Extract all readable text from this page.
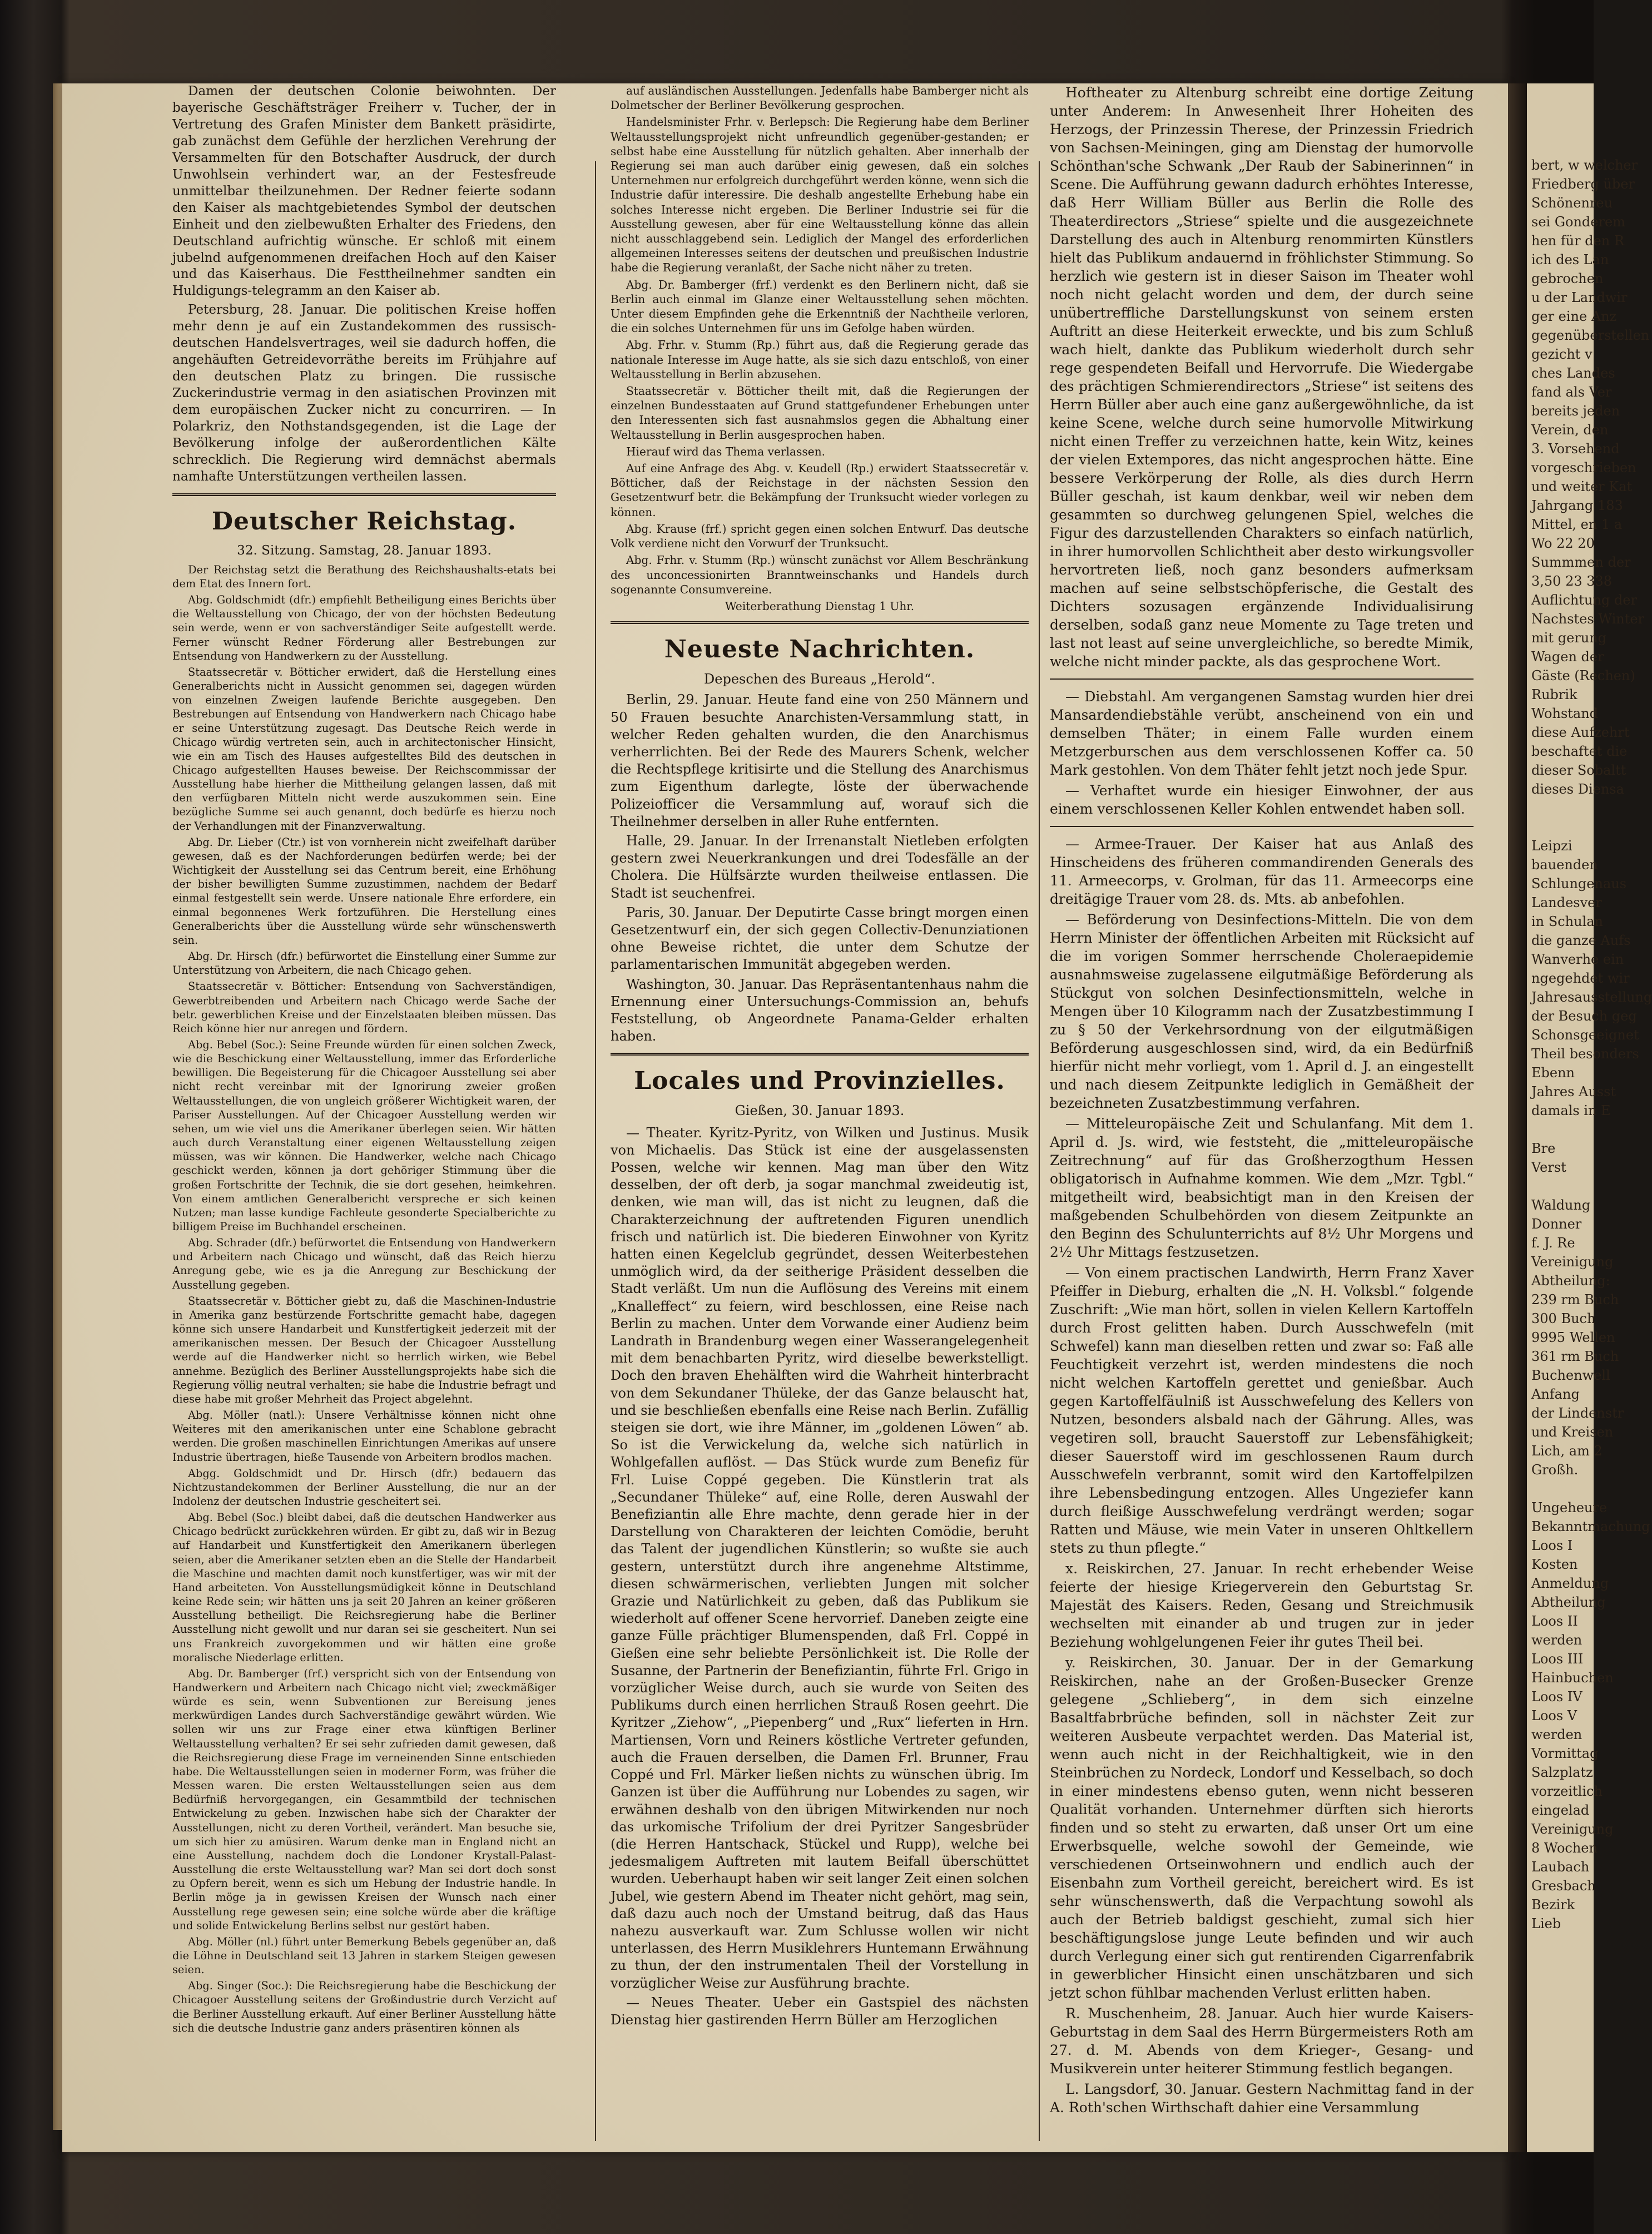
bert, w welcher
Friedberg über
Schönenreu
sei Gonderem
hen für den R
ich des Lan
gebrochen
u der Landwir
ger eine Anz
gegenüberstellen
gezicht v
ches Landes
fand als Ver
bereits jeden
Verein, den
3. Vorsehend
vorgeschrieben
und weiter Kat
Jahrgang 183
Mittel, en 1 a
Wo 22 20
Summmen der
3,50 23 338
Auflichtung der
Nachstes Winter
mit gerung
Wagen der
Gäste (Rechen)
Rubrik
Wohstand
diese Aufzehrt
beschaftet die
dieser Sobaltt
dieses Diensa

Leipzi
bauenden
Schlungenaus
Landesver
in Schulan
die ganze Aufs
Wanverhe ein
ngegehdet wir
Jahresausstellung
der Besuch geg
Schonsgeeignet
Theil besonders
Ebenn
Jahres Ausst
damals in E

Bre
Verst

Waldung
Donner
f. J. Re
Vereinigung
Abtheilung:
239 rm Buch
300 Buch
9995 Wellen
361 rm Buch
Buchenwell
Anfang
der Lindenstr
und Kreisen
Lich, am 2
Großh.

Ungeheure
Bekanntmachung
Loos I
Kosten
Anmeldung
Abtheilung
Loos II
werden
Loos III
Hainbuchen
Loos IV
Loos V
werden
Vormittag
Salzplatz
vorzeitlich
eingelad
Vereinigung
8 Wochen
Laubach
Gresbach
Bezirk
Lieb

Damen der deutschen Colonie beiwohnten. Der bayerische Geschäftsträger Freiherr v. Tucher, der in Vertretung des Grafen Minister dem Bankett präsidirte, gab zunächst dem Gefühle der herzlichen Verehrung der Versammelten für den Botschafter Ausdruck, der durch Unwohlsein verhindert war, an der Festesfreude unmittelbar theilzunehmen. Der Redner feierte sodann den Kaiser als machtgebietendes Symbol der deutschen Einheit und den zielbewußten Erhalter des Friedens, den Deutschland aufrichtig wünsche. Er schloß mit einem jubelnd aufgenommenen dreifachen Hoch auf den Kaiser und das Kaiserhaus. Die Festtheilnehmer sandten ein Huldigungs-telegramm an den Kaiser ab.

Petersburg, 28. Januar. Die politischen Kreise hoffen mehr denn je auf ein Zustandekommen des russisch-deutschen Handelsvertrages, weil sie dadurch hoffen, die angehäuften Getreidevorräthe bereits im Frühjahre auf den deutschen Platz zu bringen. Die russische Zuckerindustrie vermag in den asiatischen Provinzen mit dem europäischen Zucker nicht zu concurriren. — In Polarkriz, den Nothstandsgegenden, ist die Lage der Bevölkerung infolge der außerordentlichen Kälte schrecklich. Die Regierung wird demnächst abermals namhafte Unterstützungen vertheilen lassen.

Deutscher Reichstag.
32. Sitzung. Samstag, 28. Januar 1893.

Der Reichstag setzt die Berathung des Reichshaushalts-etats bei dem Etat des Innern fort.

Abg. Goldschmidt (dfr.) empfiehlt Betheiligung eines Berichts über die Weltausstellung von Chicago, der von der höchsten Bedeutung sein werde, wenn er von sachverständiger Seite aufgestellt werde. Ferner wünscht Redner Förderung aller Bestrebungen zur Entsendung von Handwerkern zu der Ausstellung.

Staatssecretär v. Bötticher erwidert, daß die Herstellung eines Generalberichts nicht in Aussicht genommen sei, dagegen würden von einzelnen Zweigen laufende Berichte ausgegeben. Den Bestrebungen auf Entsendung von Handwerkern nach Chicago habe er seine Unterstützung zugesagt. Das Deutsche Reich werde in Chicago würdig vertreten sein, auch in architectonischer Hinsicht, wie ein am Tisch des Hauses aufgestelltes Bild des deutschen in Chicago aufgestellten Hauses beweise. Der Reichscommissar der Ausstellung habe hierher die Mittheilung gelangen lassen, daß mit den verfügbaren Mitteln nicht werde auszukommen sein. Eine bezügliche Summe sei auch genannt, doch bedürfe es hierzu noch der Verhandlungen mit der Finanzverwaltung.

Abg. Dr. Lieber (Ctr.) ist von vornherein nicht zweifelhaft darüber gewesen, daß es der Nachforderungen bedürfen werde; bei der Wichtigkeit der Ausstellung sei das Centrum bereit, eine Erhöhung der bisher bewilligten Summe zuzustimmen, nachdem der Bedarf einmal festgestellt sein werde. Unsere nationale Ehre erfordere, ein einmal begonnenes Werk fortzuführen. Die Herstellung eines Generalberichts über die Ausstellung würde sehr wünschenswerth sein.

Abg. Dr. Hirsch (dfr.) befürwortet die Einstellung einer Summe zur Unterstützung von Arbeitern, die nach Chicago gehen.

Staatssecretär v. Bötticher: Entsendung von Sachverständigen, Gewerbtreibenden und Arbeitern nach Chicago werde Sache der betr. gewerblichen Kreise und der Einzelstaaten bleiben müssen. Das Reich könne hier nur anregen und fördern.

Abg. Bebel (Soc.): Seine Freunde würden für einen solchen Zweck, wie die Beschickung einer Weltausstellung, immer das Erforderliche bewilligen. Die Begeisterung für die Chicagoer Ausstellung sei aber nicht recht vereinbar mit der Ignorirung zweier großen Weltausstellungen, die von ungleich größerer Wichtigkeit waren, der Pariser Ausstellungen. Auf der Chicagoer Ausstellung werden wir sehen, um wie viel uns die Amerikaner überlegen seien. Wir hätten auch durch Veranstaltung einer eigenen Weltausstellung zeigen müssen, was wir können. Die Handwerker, welche nach Chicago geschickt werden, können ja dort gehöriger Stimmung über die großen Fortschritte der Technik, die sie dort gesehen, heimkehren. Von einem amtlichen Generalbericht verspreche er sich keinen Nutzen; man lasse kundige Fachleute gesonderte Specialberichte zu billigem Preise im Buchhandel erscheinen.

Abg. Schrader (dfr.) befürwortet die Entsendung von Handwerkern und Arbeitern nach Chicago und wünscht, daß das Reich hierzu Anregung gebe, wie es ja die Anregung zur Beschickung der Ausstellung gegeben.

Staatssecretär v. Bötticher giebt zu, daß die Maschinen-Industrie in Amerika ganz bestürzende Fortschritte gemacht habe, dagegen könne sich unsere Handarbeit und Kunstfertigkeit jederzeit mit der amerikanischen messen. Der Besuch der Chicagoer Ausstellung werde auf die Handwerker nicht so herrlich wirken, wie Bebel annehme. Bezüglich des Berliner Ausstellungsprojekts habe sich die Regierung völlig neutral verhalten; sie habe die Industrie befragt und diese habe mit großer Mehrheit das Project abgelehnt.

Abg. Möller (natl.): Unsere Verhältnisse können nicht ohne Weiteres mit den amerikanischen unter eine Schablone gebracht werden. Die großen maschinellen Einrichtungen Amerikas auf unsere Industrie übertragen, hieße Tausende von Arbeitern brodlos machen.

Abgg. Goldschmidt und Dr. Hirsch (dfr.) bedauern das Nichtzustandekommen der Berliner Ausstellung, die nur an der Indolenz der deutschen Industrie gescheitert sei.

Abg. Bebel (Soc.) bleibt dabei, daß die deutschen Handwerker aus Chicago bedrückt zurückkehren würden. Er gibt zu, daß wir in Bezug auf Handarbeit und Kunstfertigkeit den Amerikanern überlegen seien, aber die Amerikaner setzten eben an die Stelle der Handarbeit die Maschine und machten damit noch kunstfertiger, was wir mit der Hand arbeiteten. Von Ausstellungsmüdigkeit könne in Deutschland keine Rede sein; wir hätten uns ja seit 20 Jahren an keiner größeren Ausstellung betheiligt. Die Reichsregierung habe die Berliner Ausstellung nicht gewollt und nur daran sei sie gescheitert. Nun sei uns Frankreich zuvorgekommen und wir hätten eine große moralische Niederlage erlitten.

Abg. Dr. Bamberger (frf.) verspricht sich von der Entsendung von Handwerkern und Arbeitern nach Chicago nicht viel; zweckmäßiger würde es sein, wenn Subventionen zur Bereisung jenes merkwürdigen Landes durch Sachverständige gewährt würden. Wie sollen wir uns zur Frage einer etwa künftigen Berliner Weltausstellung verhalten? Er sei sehr zufrieden damit gewesen, daß die Reichsregierung diese Frage im verneinenden Sinne entschieden habe. Die Weltausstellungen seien in moderner Form, was früher die Messen waren. Die ersten Weltausstellungen seien aus dem Bedürfniß hervorgegangen, ein Gesammtbild der technischen Entwickelung zu geben. Inzwischen habe sich der Charakter der Ausstellungen, nicht zu deren Vortheil, verändert. Man besuche sie, um sich hier zu amüsiren. Warum denke man in England nicht an eine Ausstellung, nachdem doch die Londoner Krystall-Palast-Ausstellung die erste Weltausstellung war? Man sei dort doch sonst zu Opfern bereit, wenn es sich um Hebung der Industrie handle. In Berlin möge ja in gewissen Kreisen der Wunsch nach einer Ausstellung rege gewesen sein; eine solche würde aber die kräftige und solide Entwickelung Berlins selbst nur gestört haben.

Abg. Möller (nl.) führt unter Bemerkung Bebels gegenüber an, daß die Löhne in Deutschland seit 13 Jahren in starkem Steigen gewesen seien.

Abg. Singer (Soc.): Die Reichsregierung habe die Beschickung der Chicagoer Ausstellung seitens der Großindustrie durch Verzicht auf die Berliner Ausstellung erkauft. Auf einer Berliner Ausstellung hätte sich die deutsche Industrie ganz anders präsentiren können als

auf ausländischen Ausstellungen. Jedenfalls habe Bamberger nicht als Dolmetscher der Berliner Bevölkerung gesprochen.

Handelsminister Frhr. v. Berlepsch: Die Regierung habe dem Berliner Weltausstellungsprojekt nicht unfreundlich gegenüber-gestanden; er selbst habe eine Ausstellung für nützlich gehalten. Aber innerhalb der Regierung sei man auch darüber einig gewesen, daß ein solches Unternehmen nur erfolgreich durchgeführt werden könne, wenn sich die Industrie dafür interessire. Die deshalb angestellte Erhebung habe ein solches Interesse nicht ergeben. Die Berliner Industrie sei für die Ausstellung gewesen, aber für eine Weltausstellung könne das allein nicht ausschlaggebend sein. Lediglich der Mangel des erforderlichen allgemeinen Interesses seitens der deutschen und preußischen Industrie habe die Regierung veranlaßt, der Sache nicht näher zu treten.

Abg. Dr. Bamberger (frf.) verdenkt es den Berlinern nicht, daß sie Berlin auch einmal im Glanze einer Weltausstellung sehen möchten. Unter diesem Empfinden gehe die Erkenntniß der Nachtheile verloren, die ein solches Unternehmen für uns im Gefolge haben würden.

Abg. Frhr. v. Stumm (Rp.) führt aus, daß die Regierung gerade das nationale Interesse im Auge hatte, als sie sich dazu entschloß, von einer Weltausstellung in Berlin abzusehen.

Staatssecretär v. Bötticher theilt mit, daß die Regierungen der einzelnen Bundesstaaten auf Grund stattgefundener Erhebungen unter den Interessenten sich fast ausnahmslos gegen die Abhaltung einer Weltausstellung in Berlin ausgesprochen haben.

Hierauf wird das Thema verlassen.

Auf eine Anfrage des Abg. v. Keudell (Rp.) erwidert Staatssecretär v. Bötticher, daß der Reichstage in der nächsten Session den Gesetzentwurf betr. die Bekämpfung der Trunksucht wieder vorlegen zu können.

Abg. Krause (frf.) spricht gegen einen solchen Entwurf. Das deutsche Volk verdiene nicht den Vorwurf der Trunksucht.

Abg. Frhr. v. Stumm (Rp.) wünscht zunächst vor Allem Beschränkung des unconcessionirten Branntweinschanks und Handels durch sogenannte Consumvereine.

Weiterberathung Dienstag 1 Uhr.

Neueste Nachrichten.
Depeschen des Bureaus „Herold“.

Berlin, 29. Januar. Heute fand eine von 250 Männern und 50 Frauen besuchte Anarchisten-Versammlung statt, in welcher Reden gehalten wurden, die den Anarchismus verherrlichten. Bei der Rede des Maurers Schenk, welcher die Rechtspflege kritisirte und die Stellung des Anarchismus zum Eigenthum darlegte, löste der überwachende Polizeiofficer die Versammlung auf, worauf sich die Theilnehmer derselben in aller Ruhe entfernten.

Halle, 29. Januar. In der Irrenanstalt Nietleben erfolgten gestern zwei Neuerkrankungen und drei Todesfälle an der Cholera. Die Hülfsärzte wurden theilweise entlassen. Die Stadt ist seuchenfrei.

Paris, 30. Januar. Der Deputirte Casse bringt morgen einen Gesetzentwurf ein, der sich gegen Collectiv-Denunziationen ohne Beweise richtet, die unter dem Schutze der parlamentarischen Immunität abgegeben werden.

Washington, 30. Januar. Das Repräsentantenhaus nahm die Ernennung einer Untersuchungs-Commission an, behufs Feststellung, ob Angeordnete Panama-Gelder erhalten haben.

Locales und Provinzielles.
Gießen, 30. Januar 1893.

— Theater. Kyritz-Pyritz, von Wilken und Justinus. Musik von Michaelis. Das Stück ist eine der ausgelassensten Possen, welche wir kennen. Mag man über den Witz desselben, der oft derb, ja sogar manchmal zweideutig ist, denken, wie man will, das ist nicht zu leugnen, daß die Charakterzeichnung der auftretenden Figuren unendlich frisch und natürlich ist. Die biederen Einwohner von Kyritz hatten einen Kegelclub gegründet, dessen Weiterbestehen unmöglich wird, da der seitherige Präsident desselben die Stadt verläßt. Um nun die Auflösung des Vereins mit einem „Knalleffect“ zu feiern, wird beschlossen, eine Reise nach Berlin zu machen. Unter dem Vorwande einer Audienz beim Landrath in Brandenburg wegen einer Wasserangelegenheit mit dem benachbarten Pyritz, wird dieselbe bewerkstelligt. Doch den braven Ehehälften wird die Wahrheit hinterbracht von dem Sekundaner Thüleke, der das Ganze belauscht hat, und sie beschließen ebenfalls eine Reise nach Berlin. Zufällig steigen sie dort, wie ihre Männer, im „goldenen Löwen“ ab. So ist die Verwickelung da, welche sich natürlich in Wohlgefallen auflöst. — Das Stück wurde zum Benefiz für Frl. Luise Coppé gegeben. Die Künstlerin trat als „Secundaner Thüleke“ auf, eine Rolle, deren Auswahl der Benefiziantin alle Ehre machte, denn gerade hier in der Darstellung von Charakteren der leichten Comödie, beruht das Talent der jugendlichen Künstlerin; so wußte sie auch gestern, unterstützt durch ihre angenehme Altstimme, diesen schwärmerischen, verliebten Jungen mit solcher Grazie und Natürlichkeit zu geben, daß das Publikum sie wiederholt auf offener Scene hervorrief. Daneben zeigte eine ganze Fülle prächtiger Blumenspenden, daß Frl. Coppé in Gießen eine sehr beliebte Persönlichkeit ist. Die Rolle der Susanne, der Partnerin der Benefiziantin, führte Frl. Grigo in vorzüglicher Weise durch, auch sie wurde von Seiten des Publikums durch einen herrlichen Strauß Rosen geehrt. Die Kyritzer „Ziehow“, „Piepenberg“ und „Rux“ lieferten in Hrn. Martiensen, Vorn und Reiners köstliche Vertreter gefunden, auch die Frauen derselben, die Damen Frl. Brunner, Frau Coppé und Frl. Märker ließen nichts zu wünschen übrig. Im Ganzen ist über die Aufführung nur Lobendes zu sagen, wir erwähnen deshalb von den übrigen Mitwirkenden nur noch das urkomische Trifolium der drei Pyritzer Sangesbrüder (die Herren Hantschack, Stückel und Rupp), welche bei jedesmaligem Auftreten mit lautem Beifall überschüttet wurden. Ueberhaupt haben wir seit langer Zeit einen solchen Jubel, wie gestern Abend im Theater nicht gehört, mag sein, daß dazu auch noch der Umstand beitrug, daß das Haus nahezu ausverkauft war. Zum Schlusse wollen wir nicht unterlassen, des Herrn Musiklehrers Huntemann Erwähnung zu thun, der den instrumentalen Theil der Vorstellung in vorzüglicher Weise zur Ausführung brachte.

— Neues Theater. Ueber ein Gastspiel des nächsten Dienstag hier gastirenden Herrn Büller am Herzoglichen

Hoftheater zu Altenburg schreibt eine dortige Zeitung unter Anderem: In Anwesenheit Ihrer Hoheiten des Herzogs, der Prinzessin Therese, der Prinzessin Friedrich von Sachsen-Meiningen, ging am Dienstag der humorvolle Schönthan'sche Schwank „Der Raub der Sabinerinnen“ in Scene. Die Aufführung gewann dadurch erhöhtes Interesse, daß Herr William Büller aus Berlin die Rolle des Theaterdirectors „Striese“ spielte und die ausgezeichnete Darstellung des auch in Altenburg renommirten Künstlers hielt das Publikum andauernd in fröhlichster Stimmung. So herzlich wie gestern ist in dieser Saison im Theater wohl noch nicht gelacht worden und dem, der durch seine unübertreffliche Darstellungskunst von seinem ersten Auftritt an diese Heiterkeit erweckte, und bis zum Schluß wach hielt, dankte das Publikum wiederholt durch sehr rege gespendeten Beifall und Hervorrufe. Die Wiedergabe des prächtigen Schmierendirectors „Striese“ ist seitens des Herrn Büller aber auch eine ganz außergewöhnliche, da ist keine Scene, welche durch seine humorvolle Mitwirkung nicht einen Treffer zu verzeichnen hatte, kein Witz, keines der vielen Extempores, das nicht angesprochen hätte. Eine bessere Verkörperung der Rolle, als dies durch Herrn Büller geschah, ist kaum denkbar, weil wir neben dem gesammten so durchweg gelungenen Spiel, welches die Figur des darzustellenden Charakters so einfach natürlich, in ihrer humorvollen Schlichtheit aber desto wirkungsvoller hervortreten ließ, noch ganz besonders aufmerksam machen auf seine selbstschöpferische, die Gestalt des Dichters sozusagen ergänzende Individualisirung derselben, sodaß ganz neue Momente zu Tage treten und last not least auf seine unvergleichliche, so beredte Mimik, welche nicht minder packte, als das gesprochene Wort.

— Diebstahl. Am vergangenen Samstag wurden hier drei Mansardendiebstähle verübt, anscheinend von ein und demselben Thäter; in einem Falle wurden einem Metzgerburschen aus dem verschlossenen Koffer ca. 50 Mark gestohlen. Von dem Thäter fehlt jetzt noch jede Spur.

— Verhaftet wurde ein hiesiger Einwohner, der aus einem verschlossenen Keller Kohlen entwendet haben soll.

— Armee-Trauer. Der Kaiser hat aus Anlaß des Hinscheidens des früheren commandirenden Generals des 11. Armeecorps, v. Grolman, für das 11. Armeecorps eine dreitägige Trauer vom 28. ds. Mts. ab anbefohlen.

— Beförderung von Desinfections-Mitteln. Die von dem Herrn Minister der öffentlichen Arbeiten mit Rücksicht auf die im vorigen Sommer herrschende Choleraepidemie ausnahmsweise zugelassene eilgutmäßige Beförderung als Stückgut von solchen Desinfectionsmitteln, welche in Mengen über 10 Kilogramm nach der Zusatzbestimmung I zu § 50 der Verkehrsordnung von der eilgutmäßigen Beförderung ausgeschlossen sind, wird, da ein Bedürfniß hierfür nicht mehr vorliegt, vom 1. April d. J. an eingestellt und nach diesem Zeitpunkte lediglich in Gemäßheit der bezeichneten Zusatzbestimmung verfahren.

— Mitteleuropäische Zeit und Schulanfang. Mit dem 1. April d. Js. wird, wie feststeht, die „mitteleuropäische Zeitrechnung“ auf für das Großherzogthum Hessen obligatorisch in Aufnahme kommen. Wie dem „Mzr. Tgbl.“ mitgetheilt wird, beabsichtigt man in den Kreisen der maßgebenden Schulbehörden von diesem Zeitpunkte an den Beginn des Schulunterrichts auf 8½ Uhr Morgens und 2½ Uhr Mittags festzusetzen.

— Von einem practischen Landwirth, Herrn Franz Xaver Pfeiffer in Dieburg, erhalten die „N. H. Volksbl.“ folgende Zuschrift: „Wie man hört, sollen in vielen Kellern Kartoffeln durch Frost gelitten haben. Durch Ausschwefeln (mit Schwefel) kann man dieselben retten und zwar so: Faß alle Feuchtigkeit verzehrt ist, werden mindestens die noch nicht welchen Kartoffeln gerettet und genießbar. Auch gegen Kartoffelfäulniß ist Ausschwefelung des Kellers von Nutzen, besonders alsbald nach der Gährung. Alles, was vegetiren soll, braucht Sauerstoff zur Lebensfähigkeit; dieser Sauerstoff wird im geschlossenen Raum durch Ausschwefeln verbrannt, somit wird den Kartoffelpilzen ihre Lebensbedingung entzogen. Alles Ungeziefer kann durch fleißige Ausschwefelung verdrängt werden; sogar Ratten und Mäuse, wie mein Vater in unseren Ohltkellern stets zu thun pflegte.“

x. Reiskirchen, 27. Januar. In recht erhebender Weise feierte der hiesige Kriegerverein den Geburtstag Sr. Majestät des Kaisers. Reden, Gesang und Streichmusik wechselten mit einander ab und trugen zur in jeder Beziehung wohlgelungenen Feier ihr gutes Theil bei.

y. Reiskirchen, 30. Januar. Der in der Gemarkung Reiskirchen, nahe an der Großen-Busecker Grenze gelegene „Schlieberg“, in dem sich einzelne Basaltfabrbrüche befinden, soll in nächster Zeit zur weiteren Ausbeute verpachtet werden. Das Material ist, wenn auch nicht in der Reichhaltigkeit, wie in den Steinbrüchen zu Nordeck, Londorf und Kesselbach, so doch in einer mindestens ebenso guten, wenn nicht besseren Qualität vorhanden. Unternehmer dürften sich hierorts finden und so steht zu erwarten, daß unser Ort um eine Erwerbsquelle, welche sowohl der Gemeinde, wie verschiedenen Ortseinwohnern und endlich auch der Eisenbahn zum Vortheil gereicht, bereichert wird. Es ist sehr wünschenswerth, daß die Verpachtung sowohl als auch der Betrieb baldigst geschieht, zumal sich hier beschäftigungslose junge Leute befinden und wir auch durch Verlegung einer sich gut rentirenden Cigarrenfabrik in gewerblicher Hinsicht einen unschätzbaren und sich jetzt schon fühlbar machenden Verlust erlitten haben.

R. Muschenheim, 28. Januar. Auch hier wurde Kaisers-Geburtstag in dem Saal des Herrn Bürgermeisters Roth am 27. d. M. Abends von dem Krieger-, Gesang- und Musikverein unter heiterer Stimmung festlich begangen.

L. Langsdorf, 30. Januar. Gestern Nachmittag fand in der A. Roth'schen Wirthschaft dahier eine Versammlung
